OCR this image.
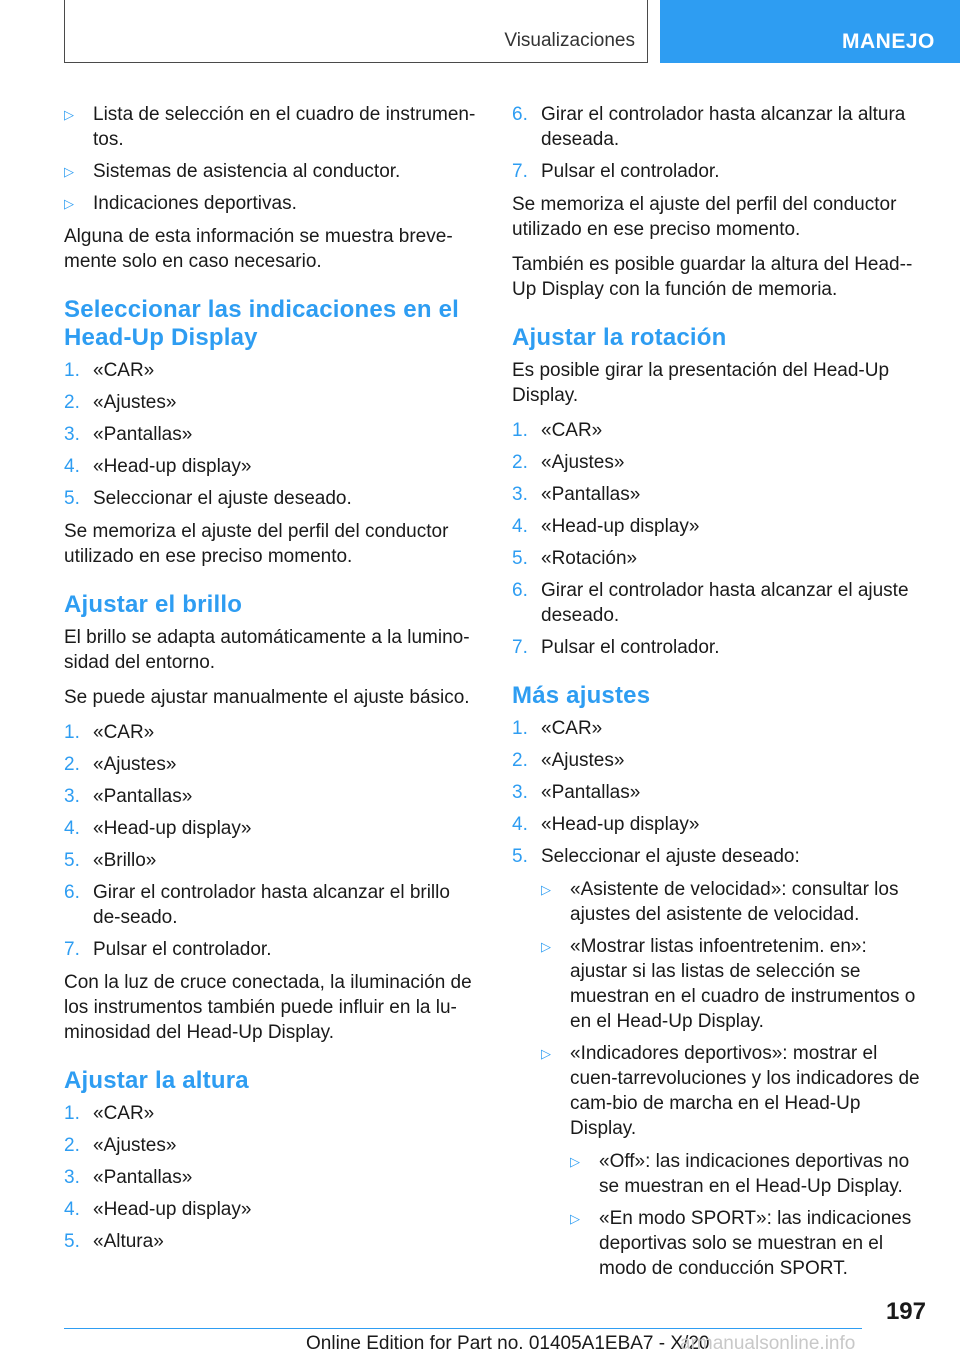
Visualizaciones	MANEJO
▷	Lista de selección en el cuadro de instrumen-tos.
▷	Sistemas de asistencia al conductor.
▷	Indicaciones deportivas.

Alguna de esta información se muestra breve-mente solo en caso necesario.

Seleccionar las indicaciones en el Head-Up Display
1. «CAR»
2. «Ajustes»
3. «Pantallas»
4. «Head-up display»
5. Seleccionar el ajuste deseado.

Se memoriza el ajuste del perfil del conductor utilizado en ese preciso momento.

Ajustar el brillo

El brillo se adapta automáticamente a la lumino-sidad del entorno.

Se puede ajustar manualmente el ajuste básico.

1. «CAR»
2. «Ajustes»
3. «Pantallas»
4. «Head-up display»
5. «Brillo»
6. Girar el controlador hasta alcanzar el brillo de-seado.
7. Pulsar el controlador.

Con la luz de cruce conectada, la iluminación de los instrumentos también puede influir en la lu-minosidad del Head-Up Display.

Ajustar la altura
1. «CAR»
2. «Ajustes»
3. «Pantallas»
4. «Head-up display»
5. «Altura»
6. Girar el controlador hasta alcanzar la altura deseada.
7. Pulsar el controlador.

Se memoriza el ajuste del perfil del conductor utilizado en ese preciso momento.

También es posible guardar la altura del Head--Up Display con la función de memoria.

Ajustar la rotación

Es posible girar la presentación del Head-Up Display.

1. «CAR»
2. «Ajustes»
3. «Pantallas»
4. «Head-up display»
5. «Rotación»
6. Girar el controlador hasta alcanzar el ajuste deseado.
7. Pulsar el controlador.
Más ajustes
1. «CAR»
2. «Ajustes»
3. «Pantallas»
4. «Head-up display»
5. Seleccionar el ajuste deseado:
▷	«Asistente de velocidad»: consultar los ajustes del asistente de velocidad.
▷	«Mostrar listas infoentretenim. en»: ajustar si las listas de selección se muestran en el cuadro de instrumentos o en el Head-Up Display.
▷	«Indicadores deportivos»: mostrar el cuen-tarrevoluciones y los indicadores de cam-bio de marcha en el Head-Up Display.
▷	«Off»: las indicaciones deportivas no se muestran en el Head-Up Display.
▷	«En modo SPORT»: las indicaciones deportivas solo se muestran en el modo de conducción SPORT.
197
Online Edition for Part no. 01405A1EBA7 - X/20
armanualsonline.info
